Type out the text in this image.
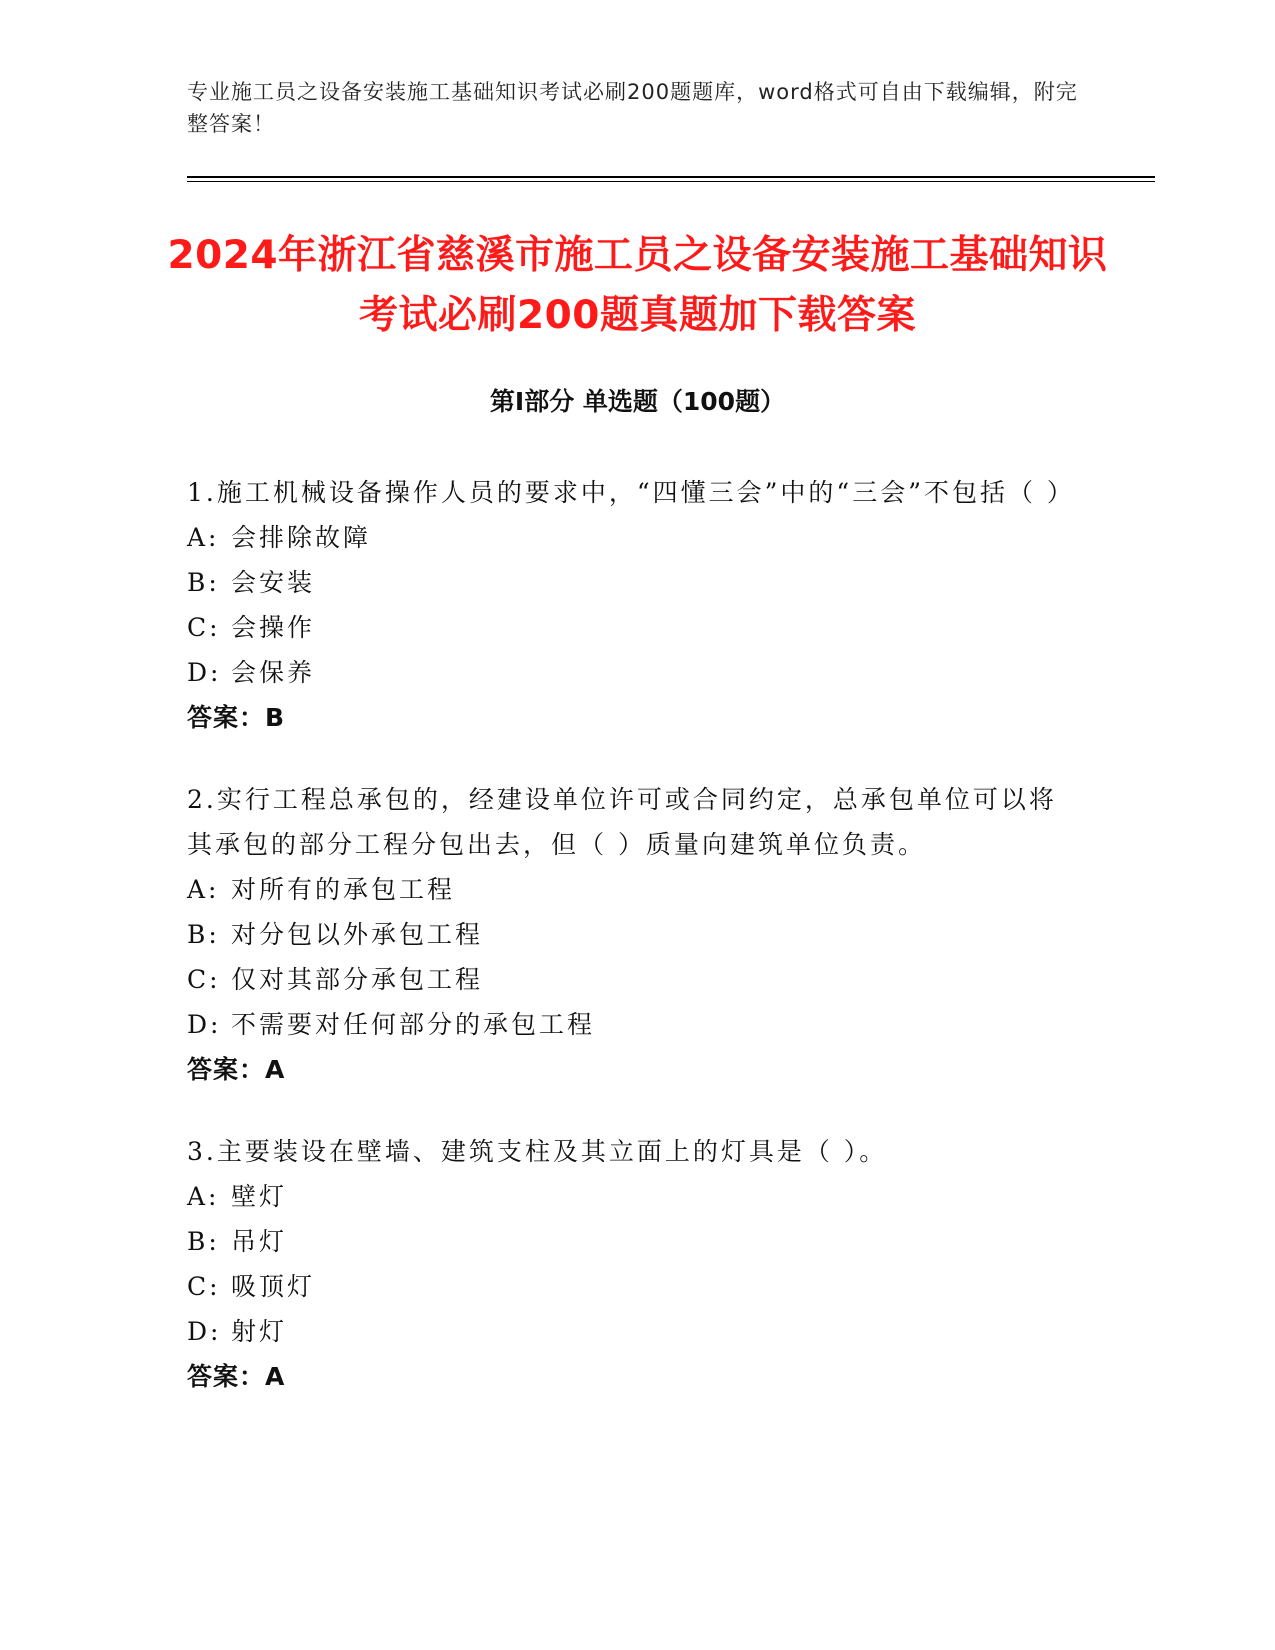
专业施工员之设备安装施工基础知识考试必刷200题题库，word格式可自由下载编辑，附完整答案！
2024年浙江省慈溪市施工员之设备安装施工基础知识考试必刷200题真题加下载答案
第Ⅰ部分 单选题（100题）
1.施工机械设备操作人员的要求中，“四懂三会”中的“三会”不包括（ ）
A: 会排除故障
B: 会安装
C: 会操作
D: 会保养
答案：B
2.实行工程总承包的，经建设单位许可或合同约定，总承包单位可以将其承包的部分工程分包出去，但（ ）质量向建筑单位负责。
A: 对所有的承包工程
B: 对分包以外承包工程
C: 仅对其部分承包工程
D: 不需要对任何部分的承包工程
答案：A
3.主要装设在壁墙、建筑支柱及其立面上的灯具是（ ）。
A: 壁灯
B: 吊灯
C: 吸顶灯
D: 射灯
答案：A
